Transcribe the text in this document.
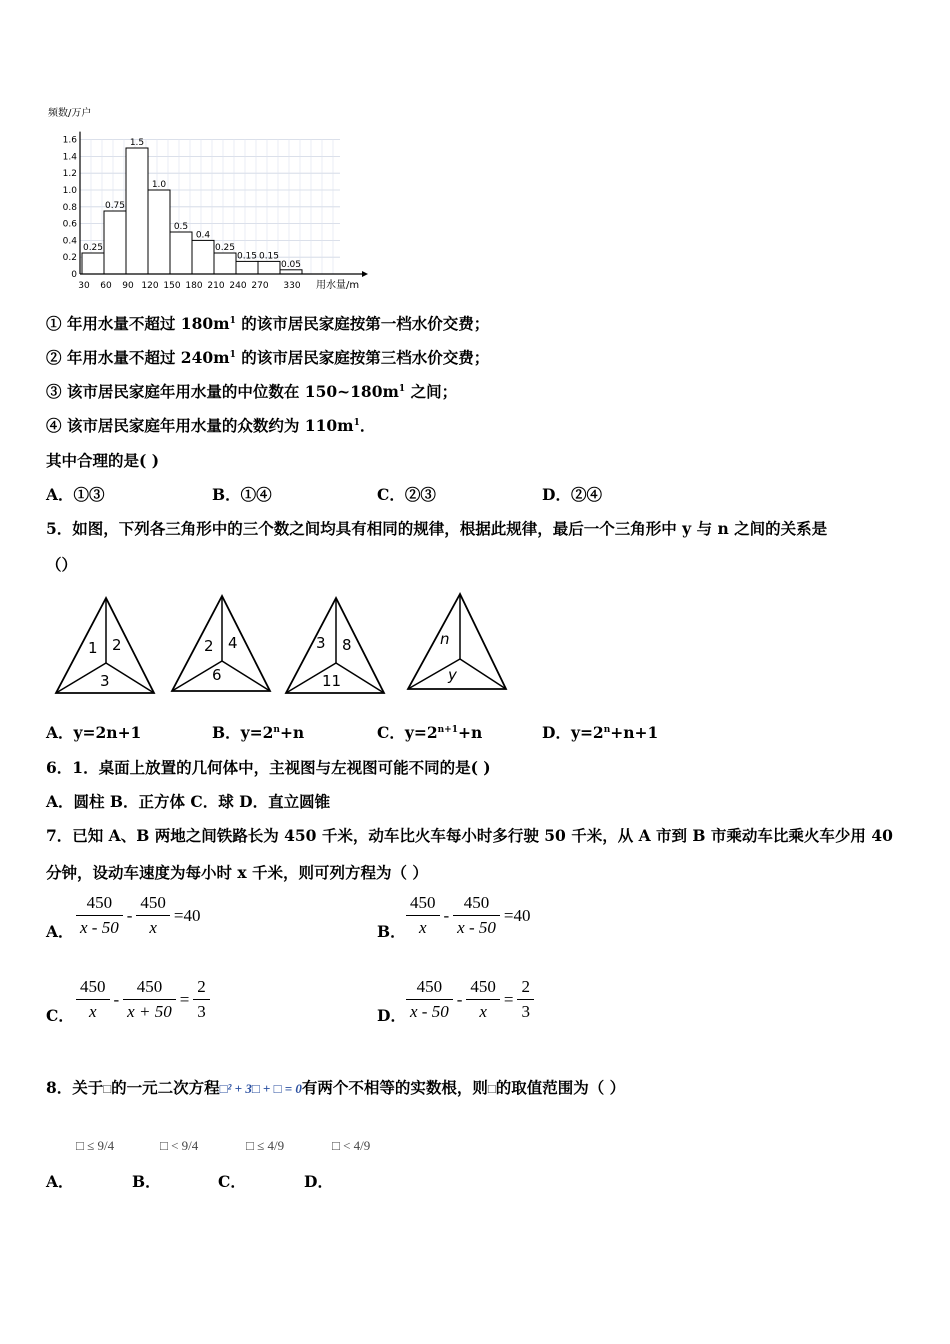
频数/万户
用水量/m
0.25
0.75
1.5
1.0
0.5
0.4
0.25
0.15 0.15
0.05
0
0.2
0.4
0.6
0.8
1.0
1.2
1.4
1.6
30 60 90 120 150 180 210 240 270 330
① 年用水量不超过 $180m^1$ 的该市居民家庭按第一档水价交费；
② 年用水量不超过 $240m^1$ 的该市居民家庭按第三档水价交费；
③ 该市居民家庭年用水量的中位数在 $150\sim 180m^1$ 之间；
④ 该市居民家庭年用水量的众数约为 $110m^1$．
其中合理的是( )
A．①③	B．①④	C．②③	D．②④
5．如图，下列各三角形中的三个数之间均具有相同的规律，根据此规律，最后一个三角形中 y 与 n 之间的关系是
（）
1 2
3
2 4
6
3 8
11
n
y
A．y=2n+1	B．$y=2^n+n$	C．$y=2^{n+1}+n$	D．$y=2^n+n+1$
6．1．桌面上放置的几何体中，主视图与左视图可能不同的是( )
A．圆柱 B．正方体 C．球 D．直立圆锥
7．已知 A、B 两地之间铁路长为 450 千米，动车比火车每小时多行驶 50 千米，从 A 市到 B 市乘动车比乘火车少用 40
分钟，设动车速度为每小时 x 千米，则可列方程为（ ）
A． $\frac{450}{x - 50} - \frac{450}{x} =40$
B． $\frac{450}{x} - \frac{450}{x - 50} =40$
C． $\frac{450}{x} - \frac{450}{x + 50} = \frac{2}{3}$	D． $\frac{450}{x - 50} - \frac{450}{x} = \frac{2}{3}$
8．关于□的一元二次方程□² + 3□ + □ = 0有两个不相等的实数根，则□的取值范围为（ ）
□ ≤ 9/4	□ < 9/4	□ ≤ 4/9	□ < 4/9
A．	B．	C．	D．
